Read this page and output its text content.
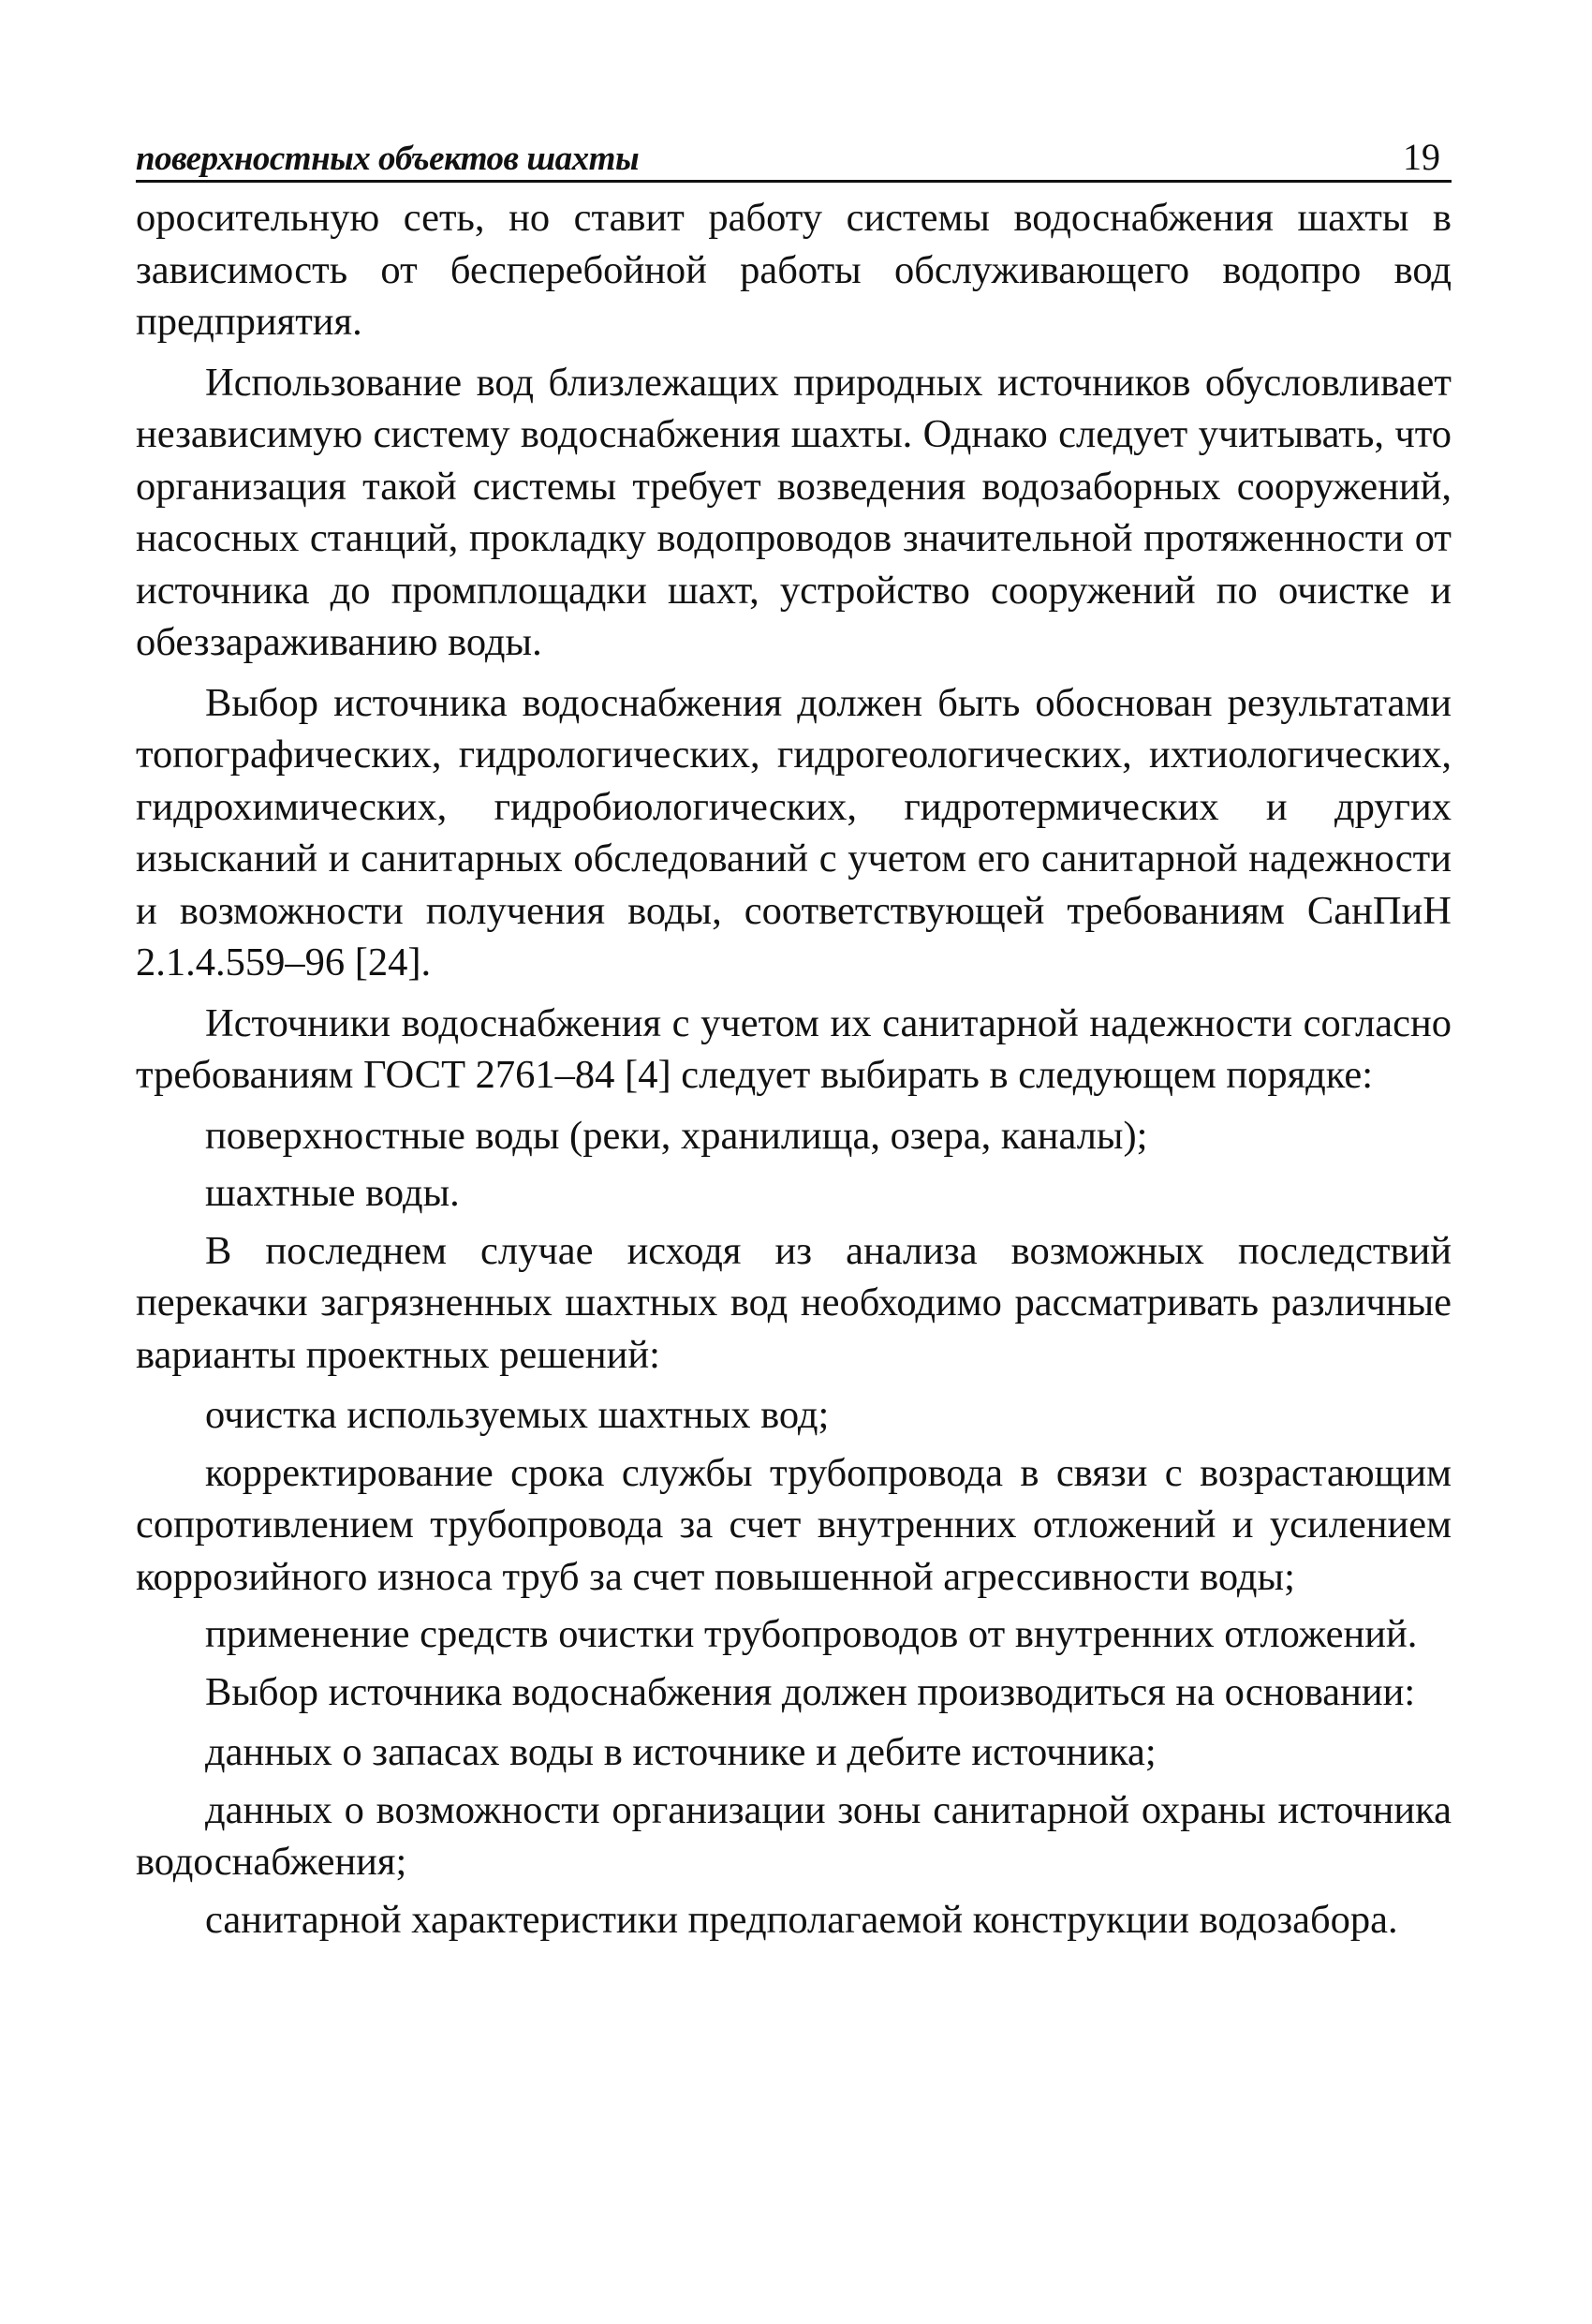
поверхностных объектов шахты	19

оросительную сеть, но ставит работу системы водоснабжения шахты в зависимость от бесперебойной работы обслуживающего водопро вод предприятия.

Использование вод близлежащих природных источников обусловливает независимую систему водоснабжения шахты. Однако следует учитывать, что организация такой системы требует возведения водозаборных сооружений, насосных станций, прокладку водопроводов значительной протяженности от источника до промплощадки шахт, устройство сооружений по очистке и обеззараживанию воды.

Выбор источника водоснабжения должен быть обоснован результатами топографических, гидрологических, гидрогеологических, ихтиологических, гидрохимических, гидробиологических, гидротермических и других изысканий и санитарных обследований с учетом его санитарной надежности и возможности получения воды, соответствующей требованиям СанПиН 2.1.4.559–96 [24].

Источники водоснабжения с учетом их санитарной надежности согласно требованиям ГОСТ 2761–84 [4] следует выбирать в следующем порядке:

поверхностные воды (реки, хранилища, озера, каналы);

шахтные воды.

В последнем случае исходя из анализа возможных последствий перекачки загрязненных шахтных вод необходимо рассматривать различные варианты проектных решений:

очистка используемых шахтных вод;

корректирование срока службы трубопровода в связи с возрастающим сопротивлением трубопровода за счет внутренних отложений и усилением коррозийного износа труб за счет повышенной агрессивности воды;

применение средств очистки трубопроводов от внутренних отложений.

Выбор источника водоснабжения должен производиться на основании:

данных о запасах воды в источнике и дебите источника;

данных о возможности организации зоны санитарной охраны источника водоснабжения;

санитарной характеристики предполагаемой конструкции водозабора.
